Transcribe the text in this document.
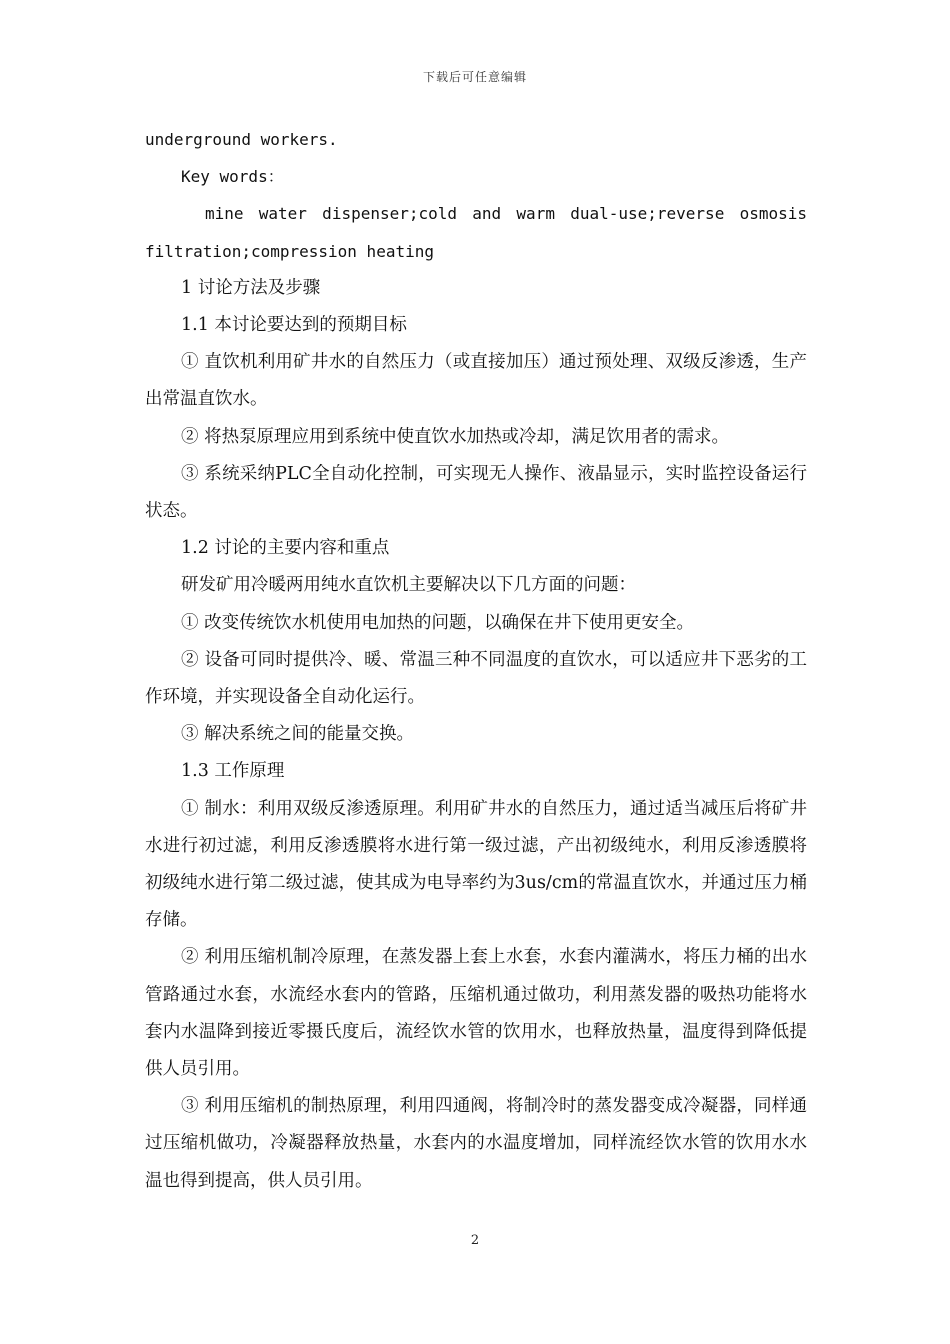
下载后可任意编辑

underground workers.

Key words：

mine water dispenser;cold and warm dual-use;reverse osmosis
filtration;compression heating

1 讨论方法及步骤

1.1 本讨论要达到的预期目标

① 直饮机利用矿井水的自然压力（或直接加压）通过预处理、双级反渗透，生产出常温直饮水。

② 将热泵原理应用到系统中使直饮水加热或冷却，满足饮用者的需求。

③ 系统采纳PLC全自动化控制，可实现无人操作、液晶显示，实时监控设备运行状态。

1.2 讨论的主要内容和重点

研发矿用冷暖两用纯水直饮机主要解决以下几方面的问题：

① 改变传统饮水机使用电加热的问题，以确保在井下使用更安全。

② 设备可同时提供冷、暖、常温三种不同温度的直饮水，可以适应井下恶劣的工作环境，并实现设备全自动化运行。

③ 解决系统之间的能量交换。

1.3 工作原理

① 制水：利用双级反渗透原理。利用矿井水的自然压力，通过适当减压后将矿井水进行初过滤，利用反渗透膜将水进行第一级过滤，产出初级纯水，利用反渗透膜将初级纯水进行第二级过滤，使其成为电导率约为3us/cm的常温直饮水，并通过压力桶存储。

② 利用压缩机制冷原理，在蒸发器上套上水套，水套内灌满水，将压力桶的出水管路通过水套，水流经水套内的管路，压缩机通过做功，利用蒸发器的吸热功能将水套内水温降到接近零摄氏度后，流经饮水管的饮用水，也释放热量，温度得到降低提供人员引用。

③ 利用压缩机的制热原理，利用四通阀，将制冷时的蒸发器变成冷凝器，同样通过压缩机做功，冷凝器释放热量，水套内的水温度增加，同样流经饮水管的饮用水水温也得到提高，供人员引用。

2
